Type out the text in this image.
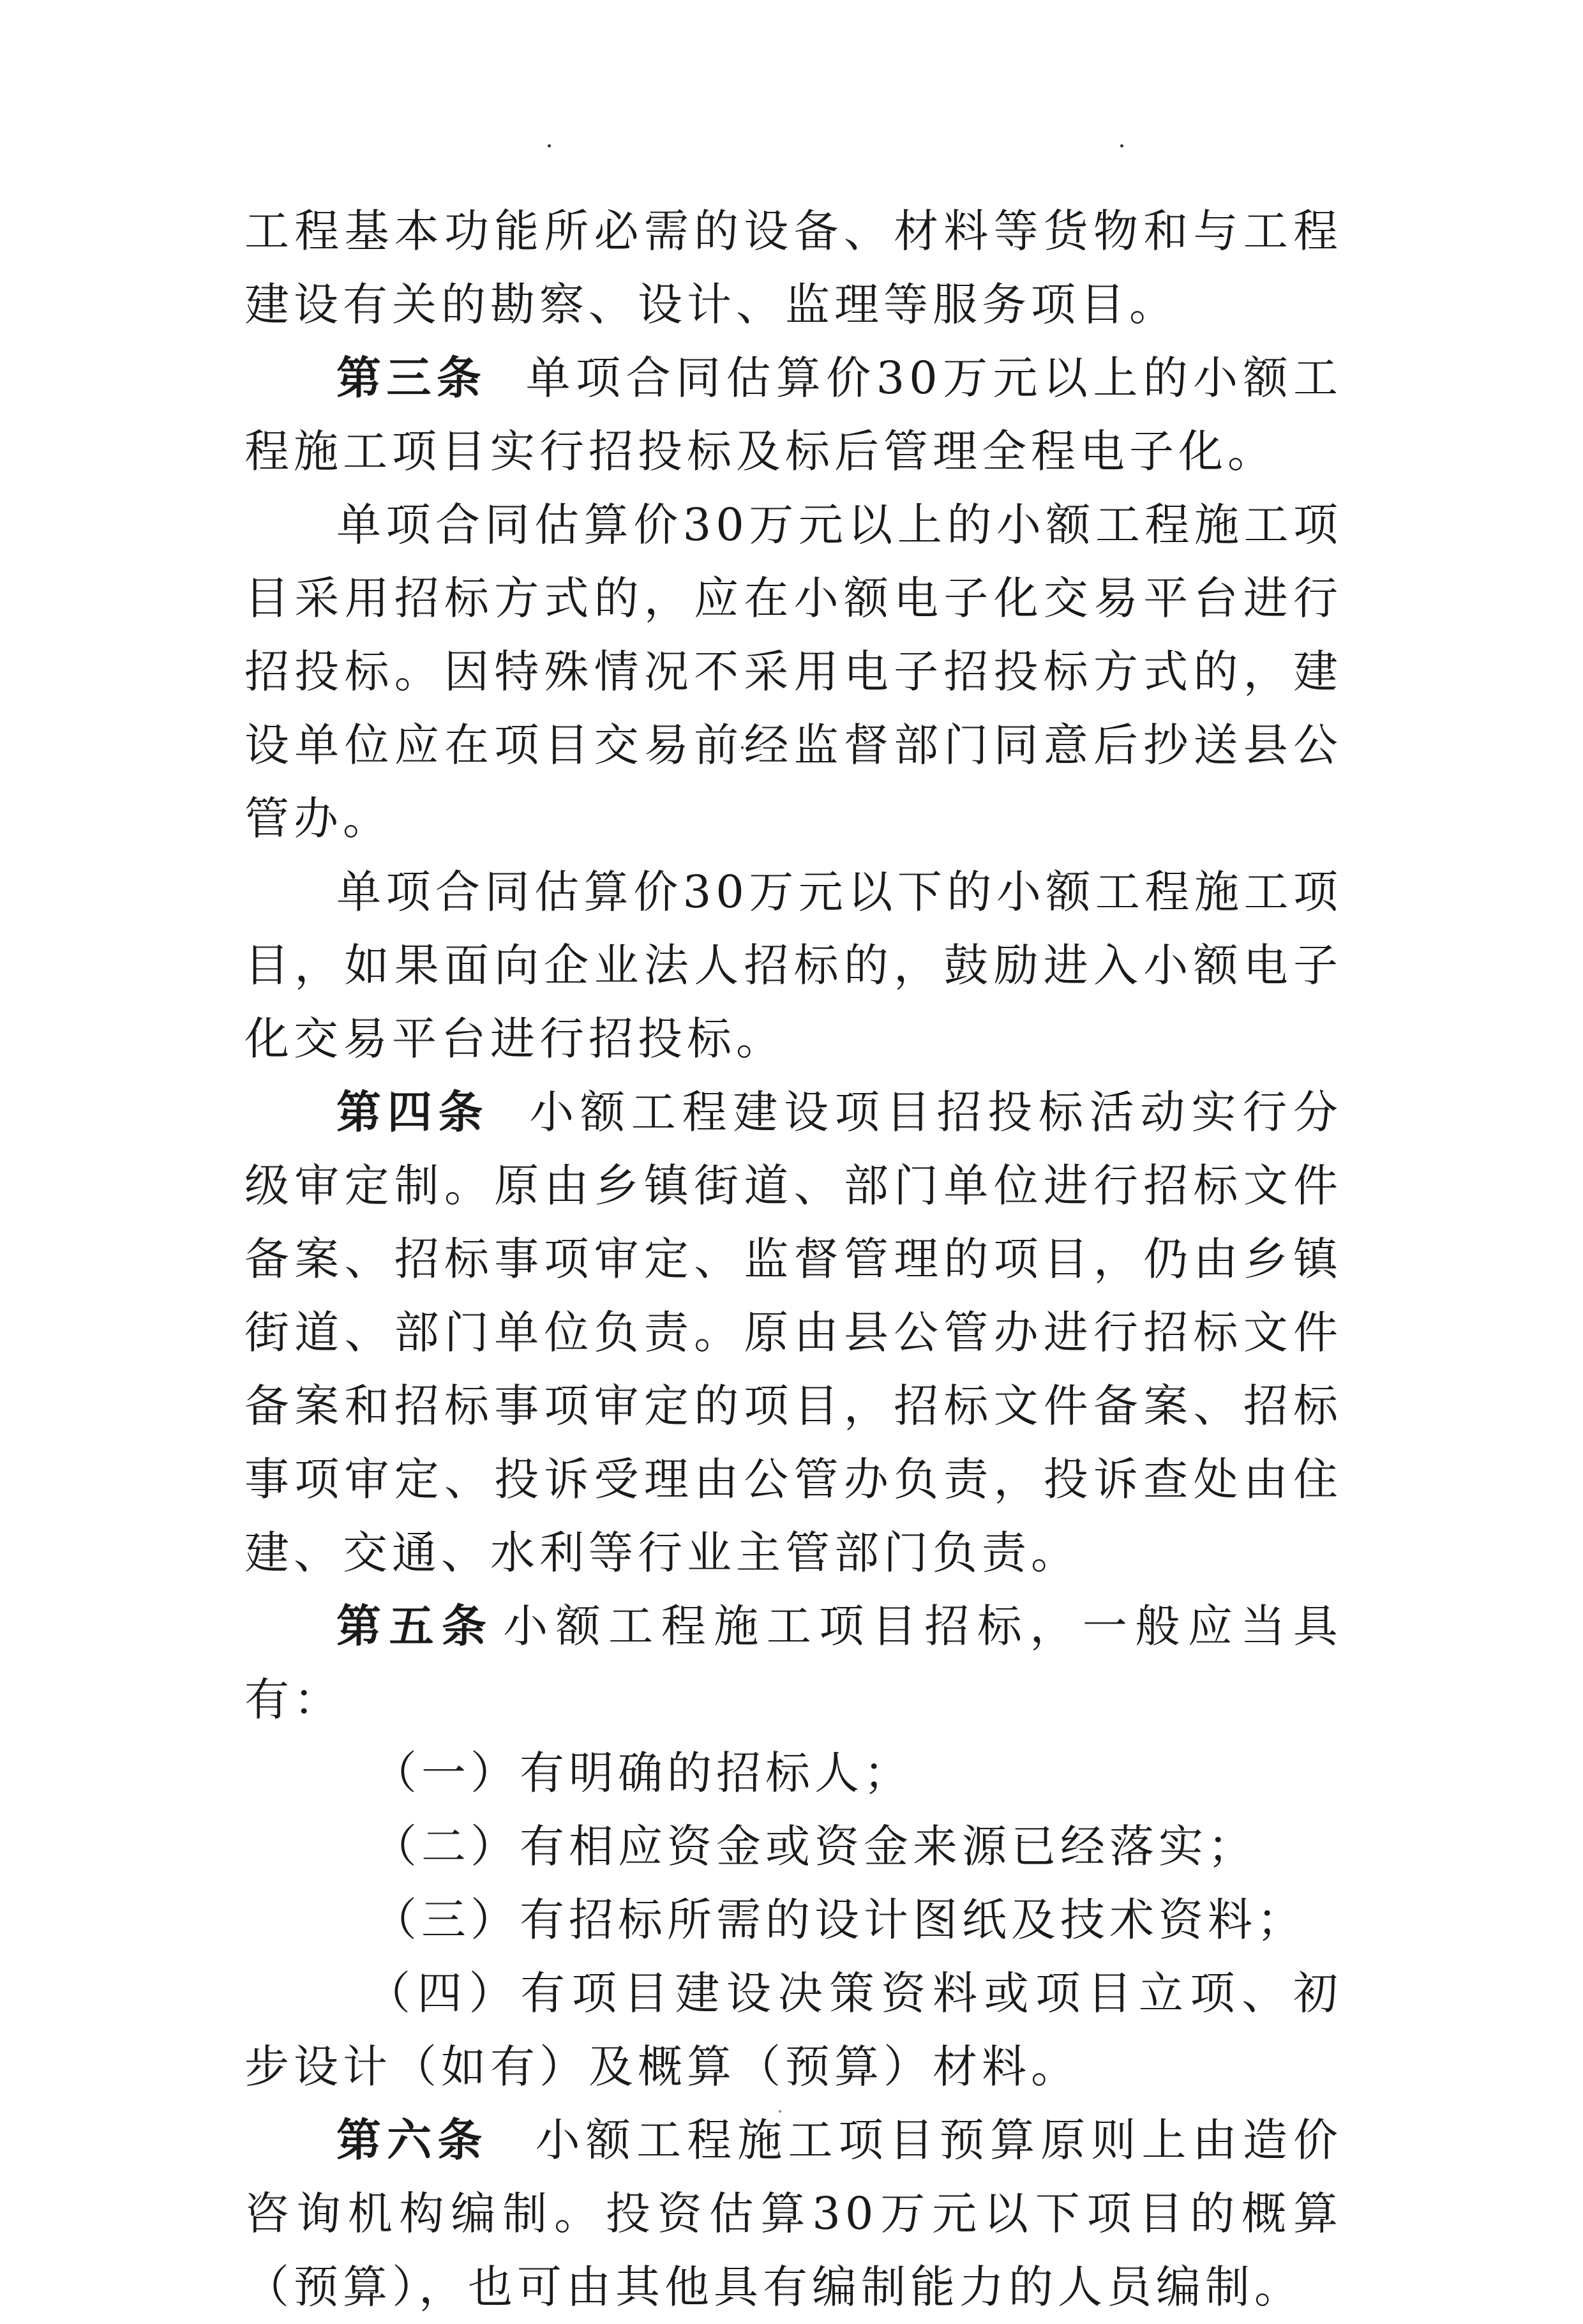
工程基本功能所必需的设备、材料等货物和与工程建设有关的勘察、设计、监理等服务项目。

第三条 单项合同估算价30万元以上的小额工程施工项目实行招投标及标后管理全程电子化。

单项合同估算价30万元以上的小额工程施工项目采用招标方式的，应在小额电子化交易平台进行招投标。因特殊情况不采用电子招投标方式的，建设单位应在项目交易前经监督部门同意后抄送县公管办。

单项合同估算价30万元以下的小额工程施工项目，如果面向企业法人招标的，鼓励进入小额电子化交易平台进行招投标。

第四条 小额工程建设项目招投标活动实行分级审定制。原由乡镇街道、部门单位进行招标文件备案、招标事项审定、监督管理的项目，仍由乡镇街道、部门单位负责。原由县公管办进行招标文件备案和招标事项审定的项目，招标文件备案、招标事项审定、投诉受理由公管办负责，投诉查处由住建、交通、水利等行业主管部门负责。

第五条 小额工程施工项目招标，一般应当具有：

（一）有明确的招标人；

（二）有相应资金或资金来源已经落实；

（三）有招标所需的设计图纸及技术资料；

（四）有项目建设决策资料或项目立项、初步设计（如有）及概算（预算）材料。

第六条 小额工程施工项目预算原则上由造价咨询机构编制。投资估算30万元以下项目的概算（预算），也可由其他具有编制能力的人员编制。
